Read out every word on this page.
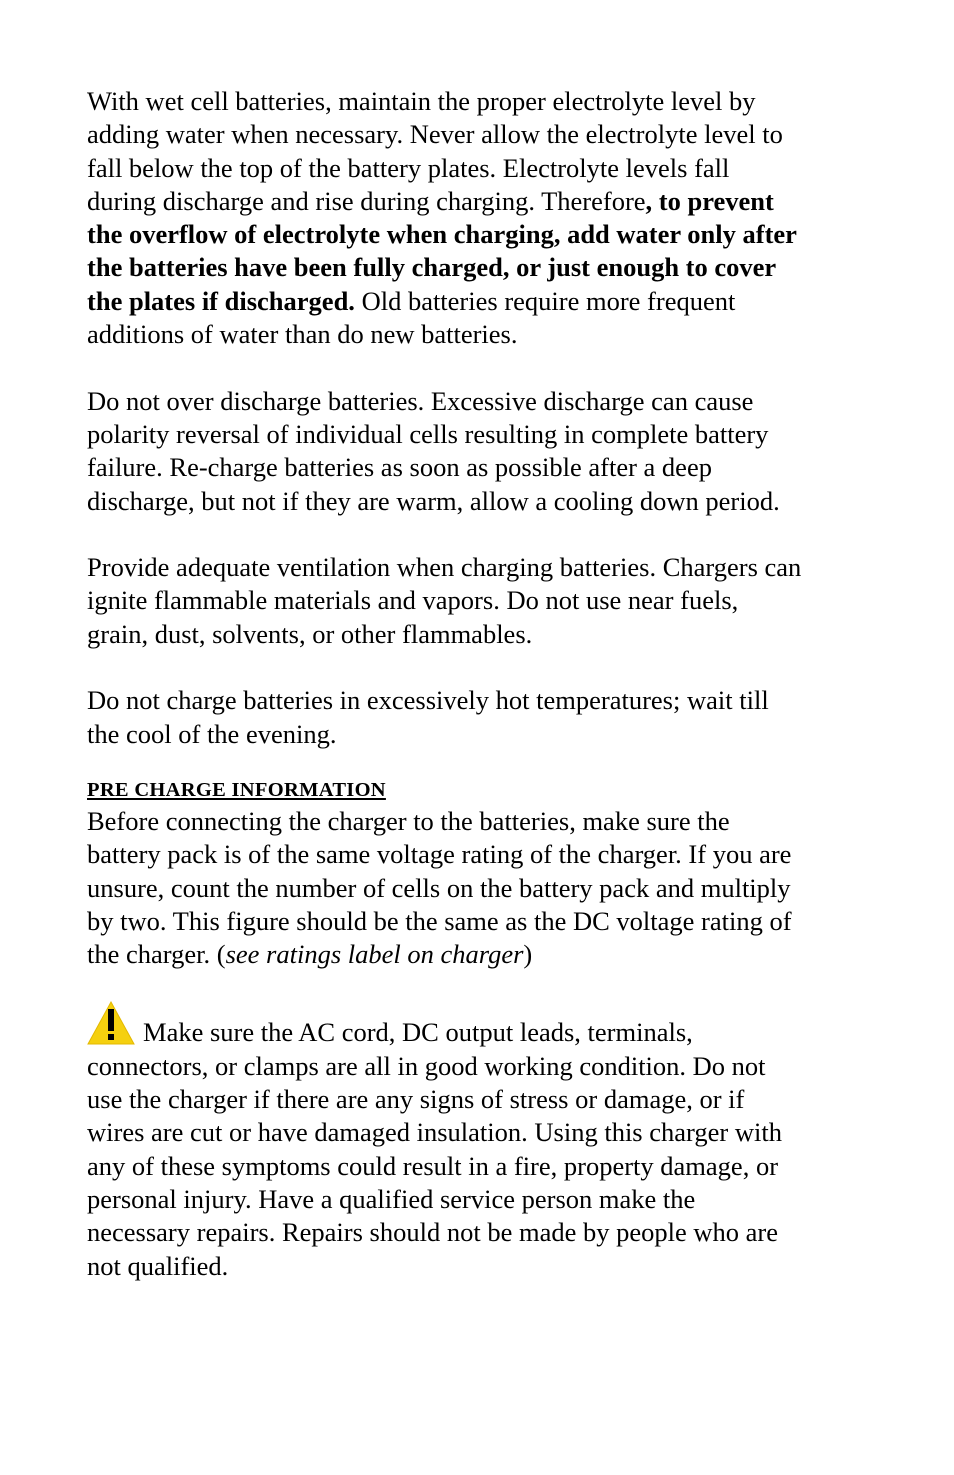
With wet cell batteries, maintain the proper electrolyte level by
adding water when necessary. Never allow the electrolyte level to
fall below the top of the battery plates. Electrolyte levels fall
during discharge and rise during charging. Therefore, to prevent
the overflow of electrolyte when charging, add water only after
the batteries have been fully charged, or just enough to cover
the plates if discharged. Old batteries require more frequent
additions of water than do new batteries.
Do not over discharge batteries. Excessive discharge can cause
polarity reversal of individual cells resulting in complete battery
failure. Re-charge batteries as soon as possible after a deep
discharge, but not if they are warm, allow a cooling down period.
Provide adequate ventilation when charging batteries. Chargers can
ignite flammable materials and vapors. Do not use near fuels,
grain, dust, solvents, or other flammables.
Do not charge batteries in excessively hot temperatures; wait till
the cool of the evening.
PRE CHARGE INFORMATION
Before connecting the charger to the batteries, make sure the
battery pack is of the same voltage rating of the charger. If you are
unsure, count the number of cells on the battery pack and multiply
by two. This figure should be the same as the DC voltage rating of
the charger. (see ratings label on charger)
Make sure the AC cord, DC output leads, terminals,
connectors, or clamps are all in good working condition. Do not
use the charger if there are any signs of stress or damage, or if
wires are cut or have damaged insulation. Using this charger with
any of these symptoms could result in a fire, property damage, or
personal injury. Have a qualified service person make the
necessary repairs. Repairs should not be made by people who are
not qualified.
